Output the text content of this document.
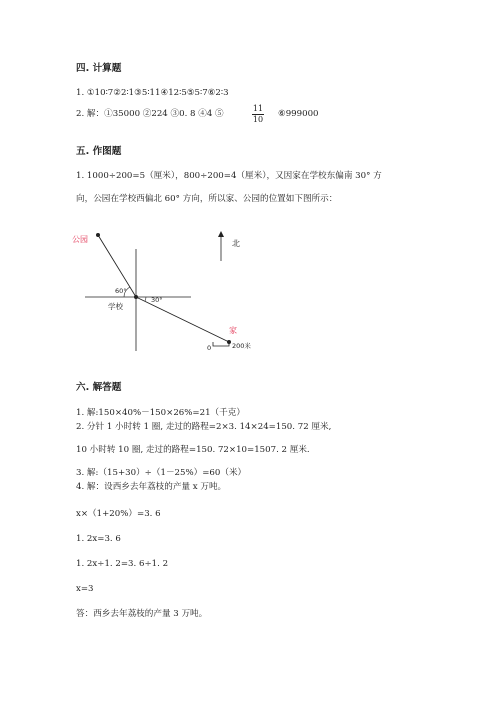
四. 计算题
1. ①10∶7②2∶1③5∶11④12∶5⑤5∶7⑥2∶3
2. 解：①35000 ②224 ③0. 8 ④4 ⑤
11
10
⑥999000
五. 作图题
1. 1000÷200=5（厘米），800÷200=4（厘米），又因家在学校东偏南 30° 方
向，公园在学校西偏北 60° 方向，所以家、公园的位置如下图所示：
公园
家
学校
60°
30°
北
0	200米
六. 解答题
1. 解:150×40%－150×26%=21（千克）
2. 分针 1 小时转 1 圈, 走过的路程=2×3. 14×24=150. 72 厘米,
10 小时转 10 圈, 走过的路程=150. 72×10=1507. 2 厘米.
3. 解:（15+30）÷（1－25%）=60（米）
4. 解：设西乡去年荔枝的产量 x 万吨。
x×（1+20%）=3. 6
1. 2x=3. 6
1. 2x÷1. 2=3. 6÷1. 2
x=3
答：西乡去年荔枝的产量 3 万吨。
